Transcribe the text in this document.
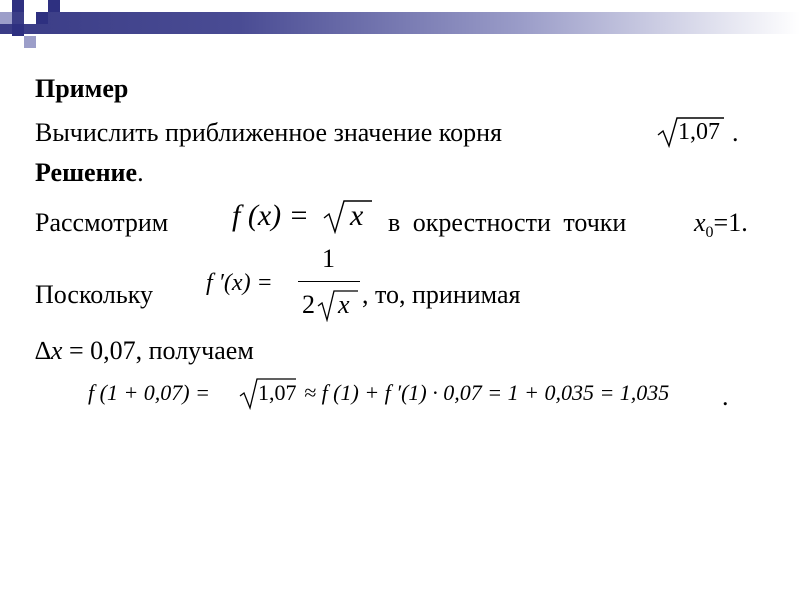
Пример
Вычислить приближенное значение корня	1,07 .
Решение.
Рассмотрим f (x) = x в окрестности точки	$x_0=1$.
Поскольку f ′(x) =
1
2 x , то, принимая
∆x = 0,07, получаем
f (1 + 0,07) = 1,07 ≈ f (1) + f ′(1) · 0,07 = 1 + 0,035 = 1,035 .
